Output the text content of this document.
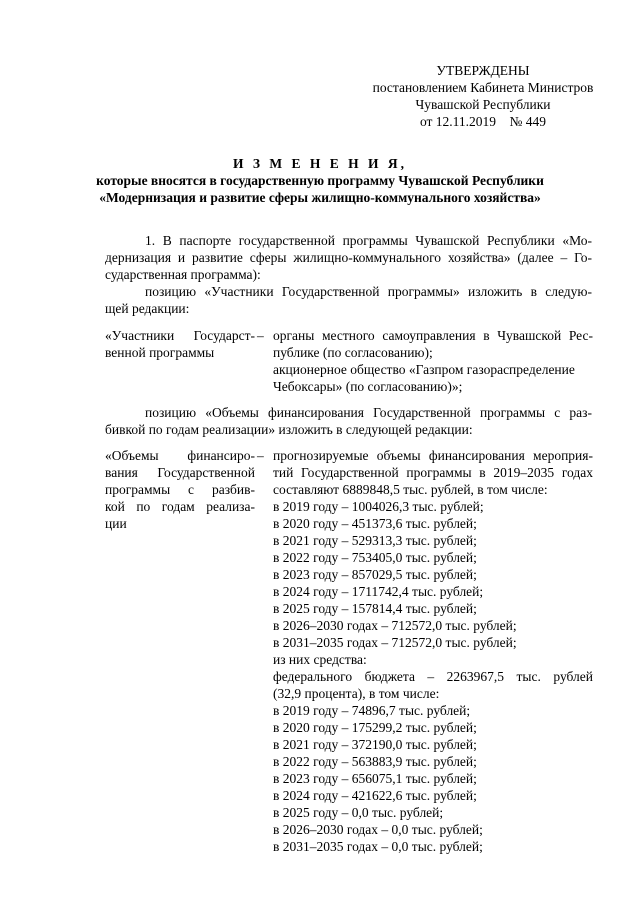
УТВЕРЖДЕНЫ
постановлением Кабинета Министров
Чувашской Республики
от 12.11.2019    № 449
И З М Е Н Е Н И Я,
которые вносятся в государственную программу Чувашской Республики
«Модернизация и развитие сферы жилищно-коммунального хозяйства»
1. В паспорте государственной программы Чувашской Республики «Мо-
дернизация и развитие сферы жилищно-коммунального хозяйства» (далее – Го-
сударственная программа):
позицию «Участники Государственной программы» изложить в следую-
щей редакции:
«Участники Государст-
венной программы
– органы местного самоуправления в Чувашской Рес-
публике (по согласованию);
акционерное общество «Газпром газораспределение
Чебоксары» (по согласованию)»;
позицию «Объемы финансирования Государственной программы с раз-
бивкой по годам реализации» изложить в следующей редакции:
«Объемы финансиро-
вания Государственной
программы с разбив-
кой по годам реализа-
ции
– прогнозируемые объемы финансирования мероприя-
тий Государственной программы в 2019–2035 годах
составляют 6889848,5 тыс. рублей, в том числе:
в 2019 году – 1004026,3 тыс. рублей;
в 2020 году – 451373,6 тыс. рублей;
в 2021 году – 529313,3 тыс. рублей;
в 2022 году – 753405,0 тыс. рублей;
в 2023 году – 857029,5 тыс. рублей;
в 2024 году – 1711742,4 тыс. рублей;
в 2025 году – 157814,4 тыс. рублей;
в 2026–2030 годах – 712572,0 тыс. рублей;
в 2031–2035 годах – 712572,0 тыс. рублей;
из них средства:
федерального бюджета – 2263967,5 тыс. рублей
(32,9 процента), в том числе:
в 2019 году – 74896,7 тыс. рублей;
в 2020 году – 175299,2 тыс. рублей;
в 2021 году – 372190,0 тыс. рублей;
в 2022 году – 563883,9 тыс. рублей;
в 2023 году – 656075,1 тыс. рублей;
в 2024 году – 421622,6 тыс. рублей;
в 2025 году – 0,0 тыс. рублей;
в 2026–2030 годах – 0,0 тыс. рублей;
в 2031–2035 годах – 0,0 тыс. рублей;
